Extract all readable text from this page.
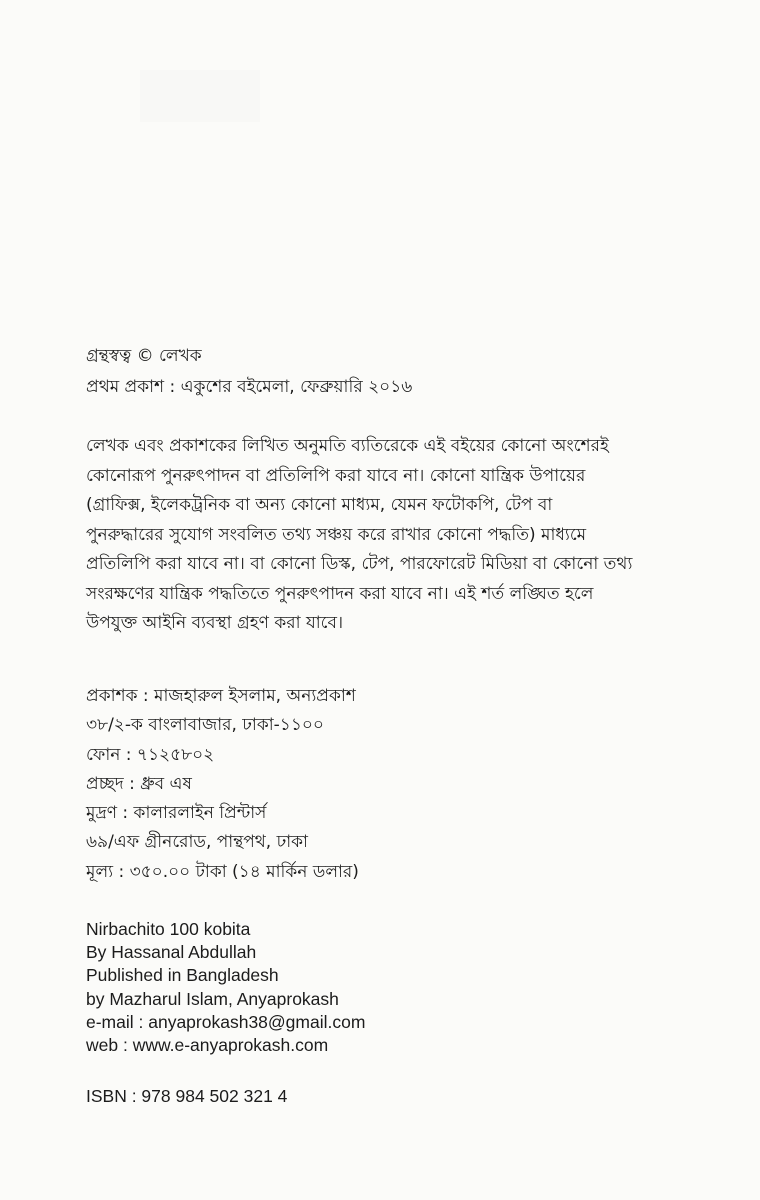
গ্রন্থস্বত্ব © লেখক
প্রথম প্রকাশ : একুশের বইমেলা, ফেব্রুয়ারি ২০১৬
লেখক এবং প্রকাশকের লিখিত অনুমতি ব্যতিরেকে এই বইয়ের কোনো অংশেরই
কোনোরূপ পুনরুৎপাদন বা প্রতিলিপি করা যাবে না। কোনো যান্ত্রিক উপায়ের
(গ্রাফিক্স, ইলেকট্রনিক বা অন্য কোনো মাধ্যম, যেমন ফটোকপি, টেপ বা
পুনরুদ্ধারের সুযোগ সংবলিত তথ্য সঞ্চয় করে রাখার কোনো পদ্ধতি) মাধ্যমে
প্রতিলিপি করা যাবে না। বা কোনো ডিস্ক, টেপ, পারফোরেট মিডিয়া বা কোনো তথ্য
সংরক্ষণের যান্ত্রিক পদ্ধতিতে পুনরুৎপাদন করা যাবে না। এই শর্ত লঙ্ঘিত হলে
উপযুক্ত আইনি ব্যবস্থা গ্রহণ করা যাবে।
প্রকাশক : মাজহারুল ইসলাম, অন্যপ্রকাশ
৩৮/২-ক বাংলাবাজার, ঢাকা-১১০০
ফোন : ৭১২৫৮০২
প্রচ্ছদ : ধ্রুব এষ
মুদ্রণ : কালারলাইন প্রিন্টার্স
৬৯/এফ গ্রীনরোড, পান্থপথ, ঢাকা
মূল্য : ৩৫০.০০ টাকা (১৪ মার্কিন ডলার)
Nirbachito 100 kobita
By Hassanal Abdullah
Published in Bangladesh
by Mazharul Islam, Anyaprokash
e-mail : anyaprokash38@gmail.com
web : www.e-anyaprokash.com
ISBN : 978 984 502 321 4
